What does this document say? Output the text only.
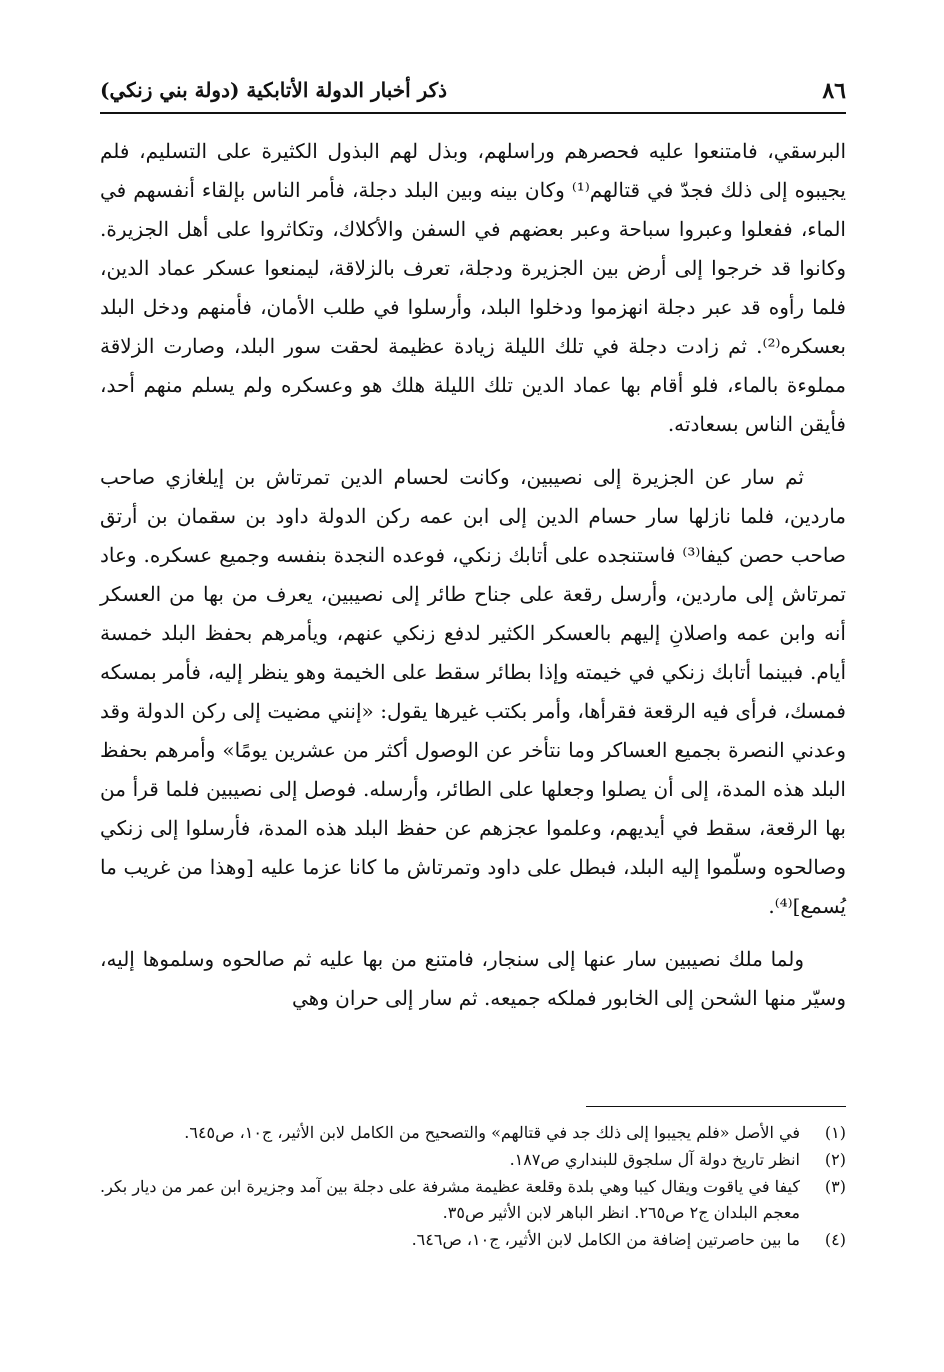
٨٦
ذكر أخبار الدولة الأتابكية (دولة بني زنكي)

البرسقي، فامتنعوا عليه فحصرهم وراسلهم، وبذل لهم البذول الكثيرة على التسليم، فلم يجيبوه إلى ذلك فجدّ في قتالهم⁽¹⁾ وكان بينه وبين البلد دجلة، فأمر الناس بإلقاء أنفسهم في الماء، ففعلوا وعبروا سباحة وعبر بعضهم في السفن والأكلاك، وتكاثروا على أهل الجزيرة. وكانوا قد خرجوا إلى أرض بين الجزيرة ودجلة، تعرف بالزلاقة، ليمنعوا عسكر عماد الدين، فلما رأوه قد عبر دجلة انهزموا ودخلوا البلد، وأرسلوا في طلب الأمان، فأمنهم ودخل البلد بعسكره⁽²⁾. ثم زادت دجلة في تلك الليلة زيادة عظيمة لحقت سور البلد، وصارت الزلاقة مملوءة بالماء، فلو أقام بها عماد الدين تلك الليلة هلك هو وعسكره ولم يسلم منهم أحد، فأيقن الناس بسعادته.

ثم سار عن الجزيرة إلى نصيبين، وكانت لحسام الدين تمرتاش بن إيلغازي صاحب ماردين، فلما نازلها سار حسام الدين إلى ابن عمه ركن الدولة داود بن سقمان بن أرتق صاحب حصن كيفا⁽³⁾ فاستنجده على أتابك زنكي، فوعده النجدة بنفسه وجميع عسكره. وعاد تمرتاش إلى ماردين، وأرسل رقعة على جناح طائر إلى نصيبين، يعرف من بها من العسكر أنه وابن عمه واصلانِ إليهم بالعسكر الكثير لدفع زنكي عنهم، ويأمرهم بحفظ البلد خمسة أيام. فبينما أتابك زنكي في خيمته وإذا بطائر سقط على الخيمة وهو ينظر إليه، فأمر بمسكه فمسك، فرأى فيه الرقعة فقرأها، وأمر بكتب غيرها يقول: «إنني مضيت إلى ركن الدولة وقد وعدني النصرة بجميع العساكر وما نتأخر عن الوصول أكثر من عشرين يومًا» وأمرهم بحفظ البلد هذه المدة، إلى أن يصلوا وجعلها على الطائر، وأرسله. فوصل إلى نصيبين فلما قرأ من بها الرقعة، سقط في أيديهم، وعلموا عجزهم عن حفظ البلد هذه المدة، فأرسلوا إلى زنكي وصالحوه وسلّموا إليه البلد، فبطل على داود وتمرتاش ما كانا عزما عليه [وهذا من غريب ما يُسمع]⁽⁴⁾.

ولما ملك نصيبين سار عنها إلى سنجار، فامتنع من بها عليه ثم صالحوه وسلموها إليه، وسيّر منها الشحن إلى الخابور فملكه جميعه. ثم سار إلى حران وهي

(١)
في الأصل «فلم يجيبوا إلى ذلك جد في قتالهم» والتصحيح من الكامل لابن الأثير، ج١٠، ص٦٤٥.
(٢)
انظر تاريخ دولة آل سلجوق للبنداري ص١٨٧.
(٣)
كيفا في ياقوت ويقال كيبا وهي بلدة وقلعة عظيمة مشرفة على دجلة بين آمد وجزيرة ابن عمر من ديار بكر. معجم البلدان ج٢ ص٢٦٥. انظر الباهر لابن الأثير ص٣٥.
(٤)
ما بين حاصرتين إضافة من الكامل لابن الأثير، ج١٠، ص٦٤٦.
